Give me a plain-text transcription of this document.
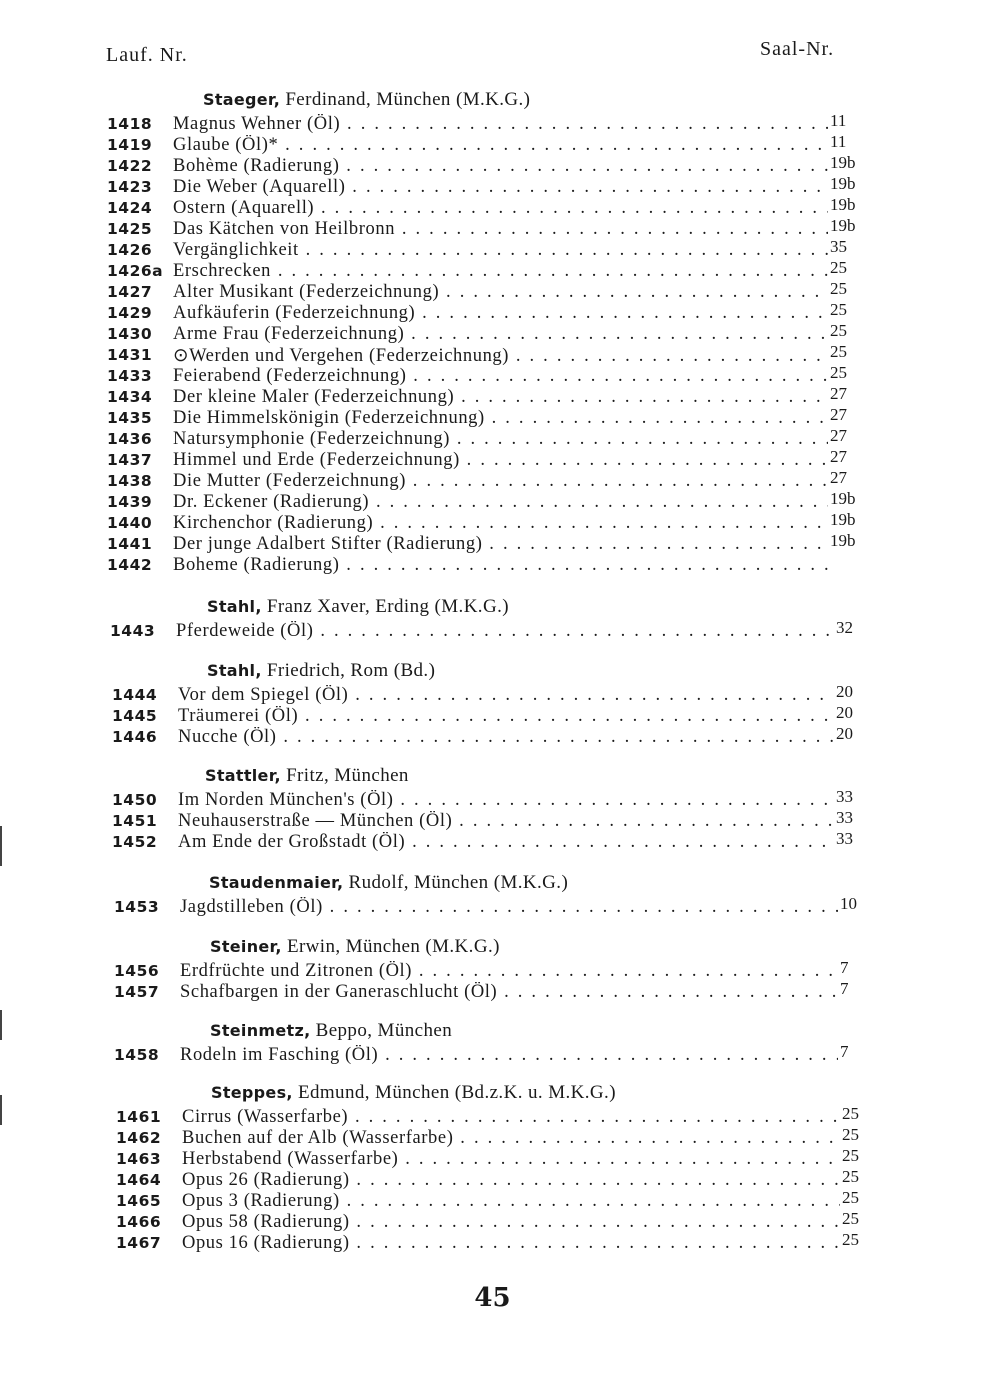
Lauf. Nr.	Saal-Nr.
Staeger, Ferdinand, München (M.K.G.)
1418	Magnus Wehner (Öl) . . .	11
1419	Glaube (Öl)* . . .	11
1422	Bohème (Radierung) . . .	19b
1423	Die Weber (Aquarell) . . .	19b
1424	Ostern (Aquarell) . . .	19b
1425	Das Kätchen von Heilbronn . . .	19b
1426	Vergänglichkeit . . .	35
1426a Erschrecken . . .	25
1427	Alter Musikant (Federzeichnung) . . .	25
1429	Aufkäuferin (Federzeichnung) . . .	25
1430	Arme Frau (Federzeichnung) . . .	25
1431	⊙Werden und Vergehen (Federzeichnung) . . .	25
1433	Feierabend (Federzeichnung) . . .	25
1434	Der kleine Maler (Federzeichnung) . . .	27
1435	Die Himmelskönigin (Federzeichnung) . . .	27
1436	Natursymphonie (Federzeichnung) . . .	27
1437	Himmel und Erde (Federzeichnung) . . .	27
1438	Die Mutter (Federzeichnung) . . .	27
1439	Dr. Eckener (Radierung) . . .	19b
1440	Kirchenchor (Radierung) . . .	19b
1441	Der junge Adalbert Stifter (Radierung) . . .	19b
1442	Boheme (Radierung) . . .
Stahl, Franz Xaver, Erding (M.K.G.)
1443	Pferdeweide (Öl) . . .	32
Stahl, Friedrich, Rom (Bd.)
1444	Vor dem Spiegel (Öl) . . .	20
1445	Träumerei (Öl) . . .	20
1446	Nucche (Öl) . . .	20
Stattler, Fritz, München
1450	Im Norden München's (Öl) . . .	33
1451	Neuhauserstraße — München (Öl) . . .	33
1452	Am Ende der Großstadt (Öl) . . .	33
Staudenmaier, Rudolf, München (M.K.G.)
1453	Jagdstilleben (Öl) . . .	10
Steiner, Erwin, München (M.K.G.)
1456	Erdfrüchte und Zitronen (Öl) . . .	7
1457	Schafbargen in der Ganeraschlucht (Öl) . . .	7
Steinmetz, Beppo, München
1458	Rodeln im Fasching (Öl) . . .	7
Steppes, Edmund, München (Bd.z.K. u. M.K.G.)
1461	Cirrus (Wasserfarbe) . . .	25
1462	Buchen auf der Alb (Wasserfarbe) . . .	25
1463	Herbstabend (Wasserfarbe) . . .	25
1464	Opus 26 (Radierung) . . .	25
1465	Opus 3 (Radierung) . . .	25
1466	Opus 58 (Radierung) . . .	25
1467	Opus 16 (Radierung) . . .	25
45
